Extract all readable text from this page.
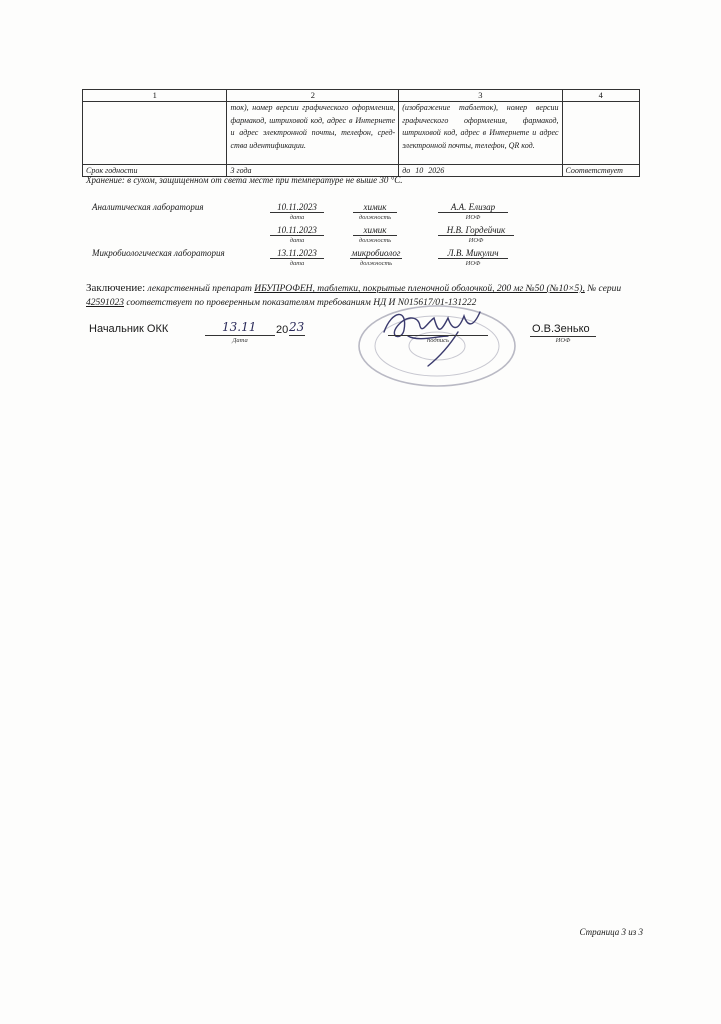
1	2	3	4
	ток), номер версии графического оформления, фармакод, штриховой код, адрес в Интернете и адрес электронной почты, телефон, сред-ства идентификации.	(изображение таблеток), номер версии графического оформления, фармакод, штриховой код, адрес в Интернете и адрес электронной почты, телефон, QR код.	
Срок годности	3 года	до 10 2026	Соответствует
Хранение: в сухом, защищенном от света месте при температуре не выше 30 °С.
Аналитическая лаборатория	10.11.2023	химик	А.А. Елизар
дата	должность	ИОФ
10.11.2023	химик	Н.В. Гордейчик
дата	должность	ИОФ
Микробиологическая лаборатория	13.11.2023	микробиолог	Л.В. Микулич
дата	должность	ИОФ
Заключение: лекарственный препарат ИБУПРОФЕН, таблетки, покрытые пленочной оболочкой, 200 мг №50 (№10×5), № серии 42591023 соответствует по проверенным показателям требованиям НД И N015617/01-131222
Начальник ОКК	13.11 20 23
Дата	подпись
О.В.Зенько
ИОФ
Страница 3 из 3
